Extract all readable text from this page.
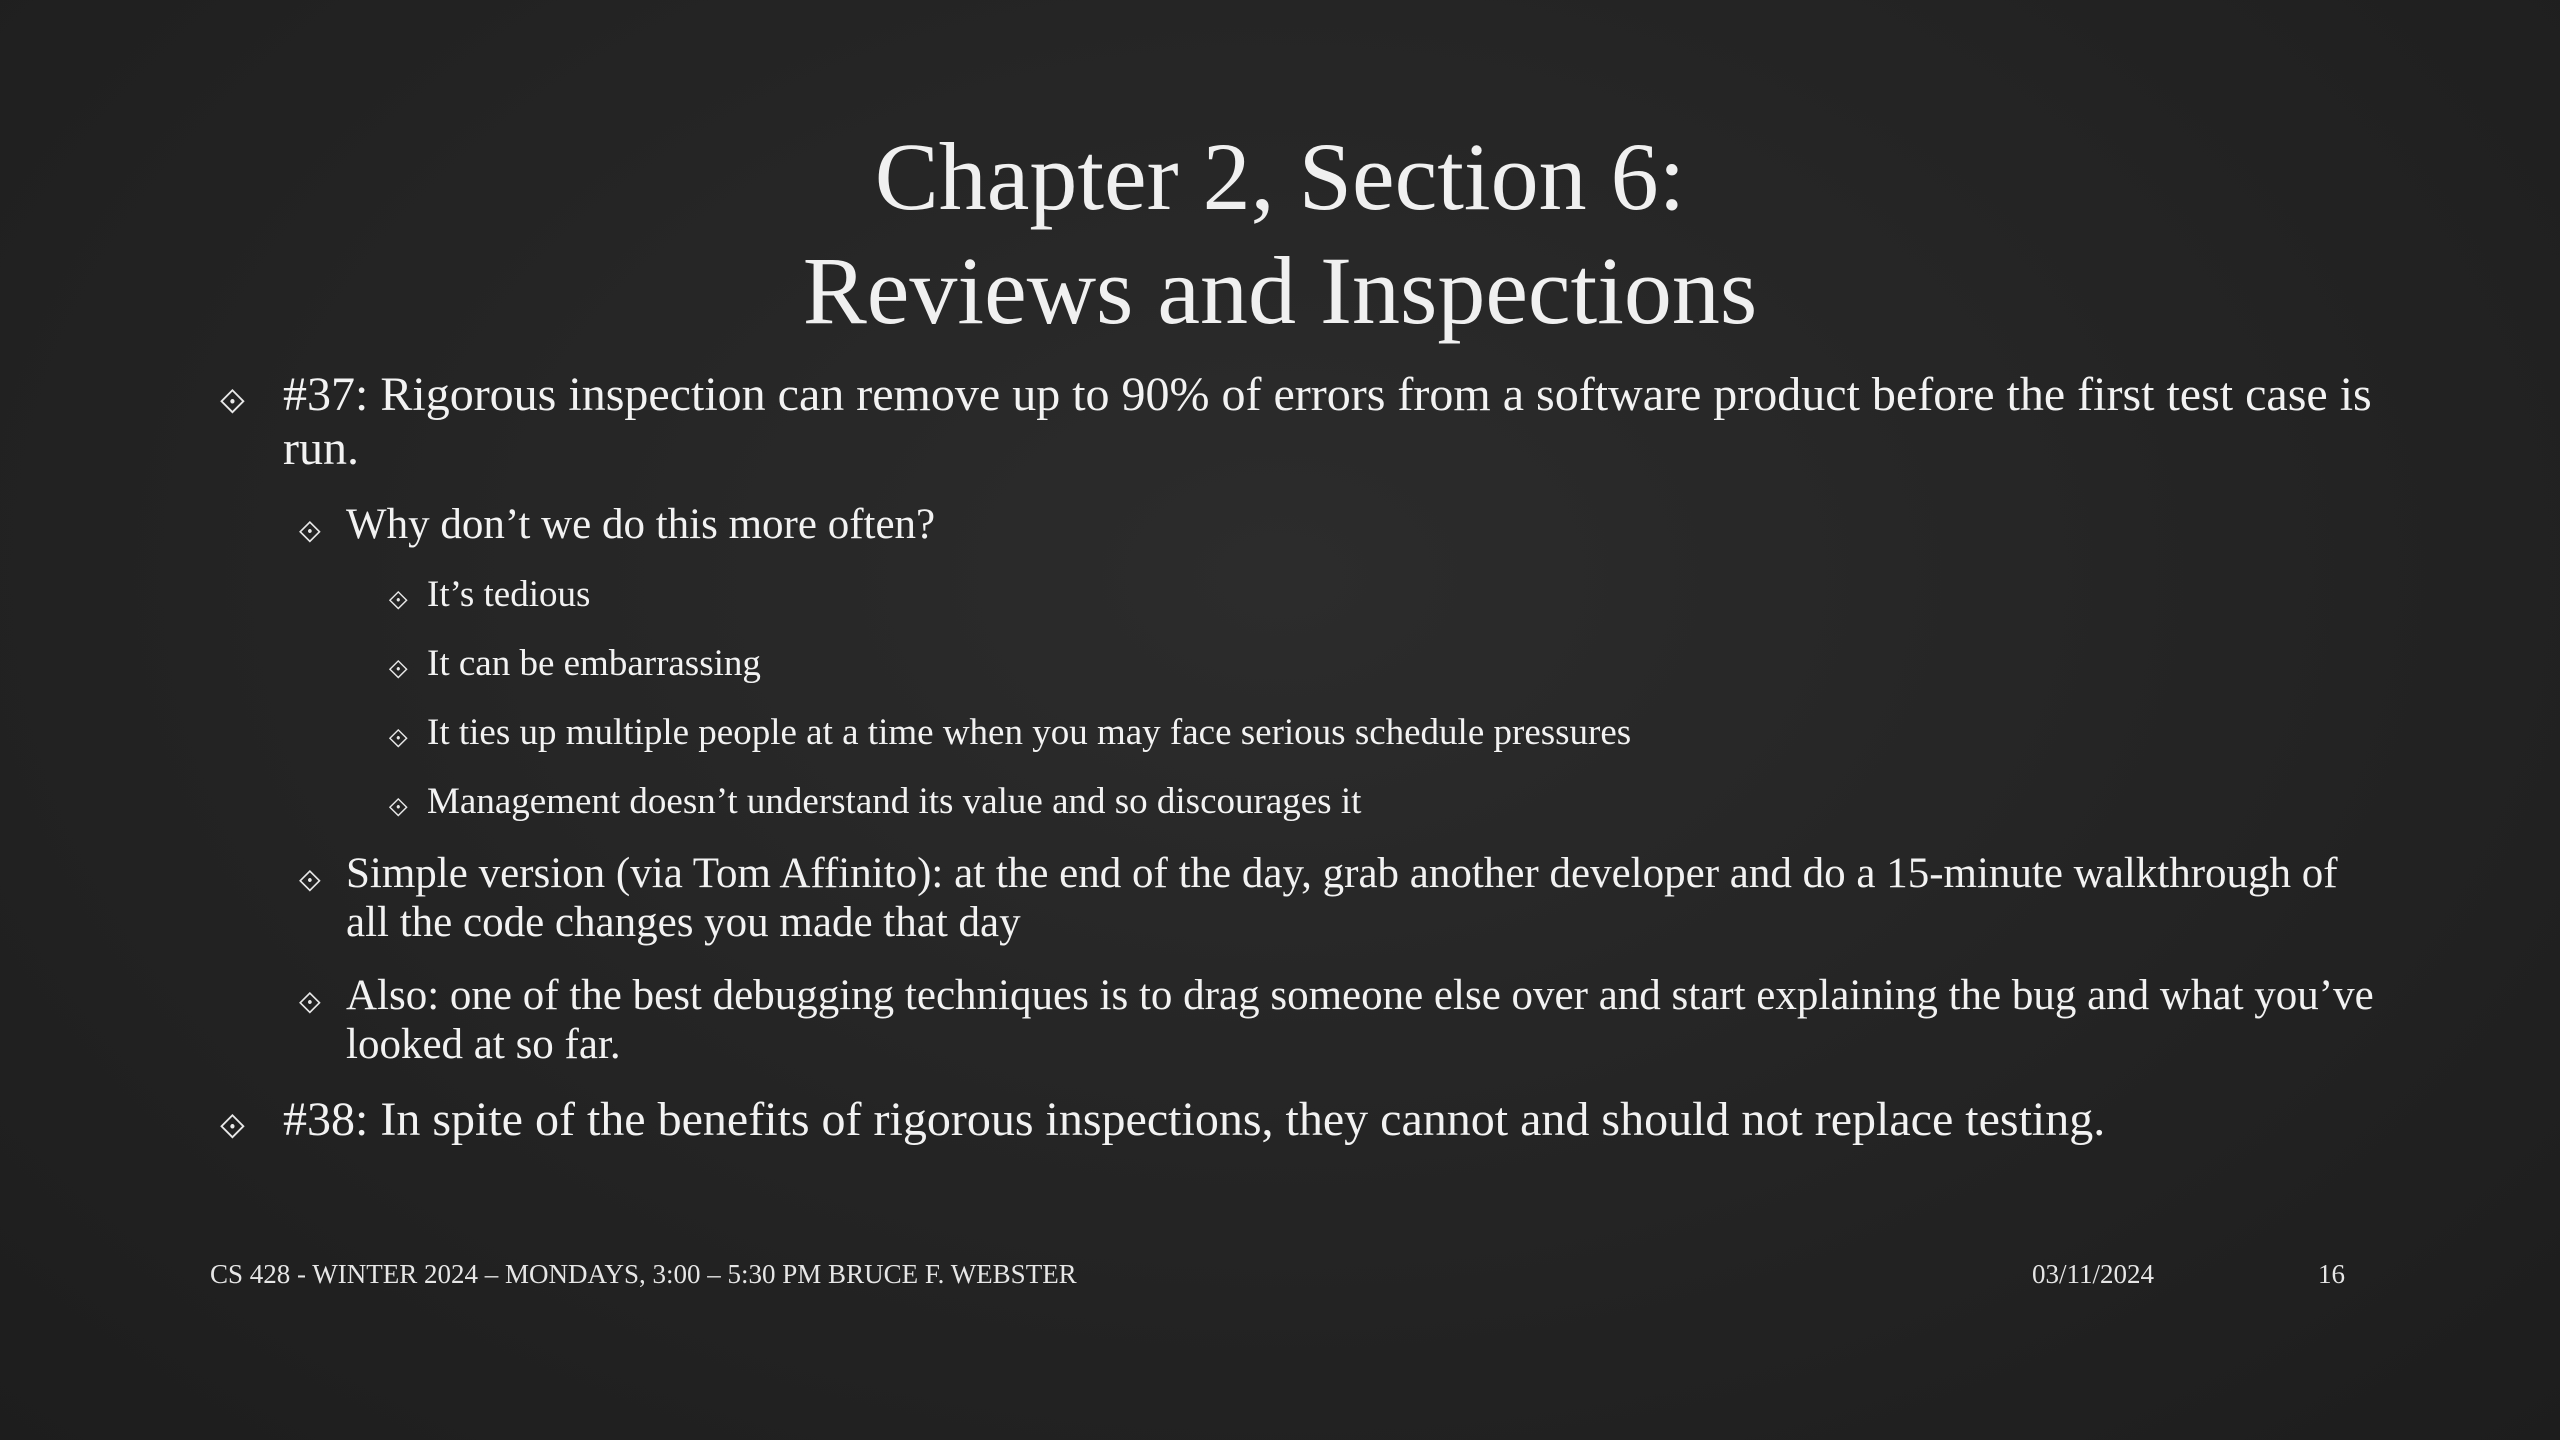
Chapter 2, Section 6:
Reviews and Inspections
⟐ #37: Rigorous inspection can remove up to 90% of errors from a software product before the first test case is run.
⟐ Why don’t we do this more often?
⟐ It’s tedious
⟐ It can be embarrassing
⟐ It ties up multiple people at a time when you may face serious schedule pressures
⟐ Management doesn’t understand its value and so discourages it
⟐ Simple version (via Tom Affinito): at the end of the day, grab another developer and do a 15-minute walkthrough of all the code changes you made that day
⟐ Also: one of the best debugging techniques is to drag someone else over and start explaining the bug and what you’ve looked at so far.
⟐ #38: In spite of the benefits of rigorous inspections, they cannot and should not replace testing.
CS 428 - WINTER 2024 – MONDAYS, 3:00 – 5:30 PM BRUCE F. WEBSTER	03/11/2024	16
